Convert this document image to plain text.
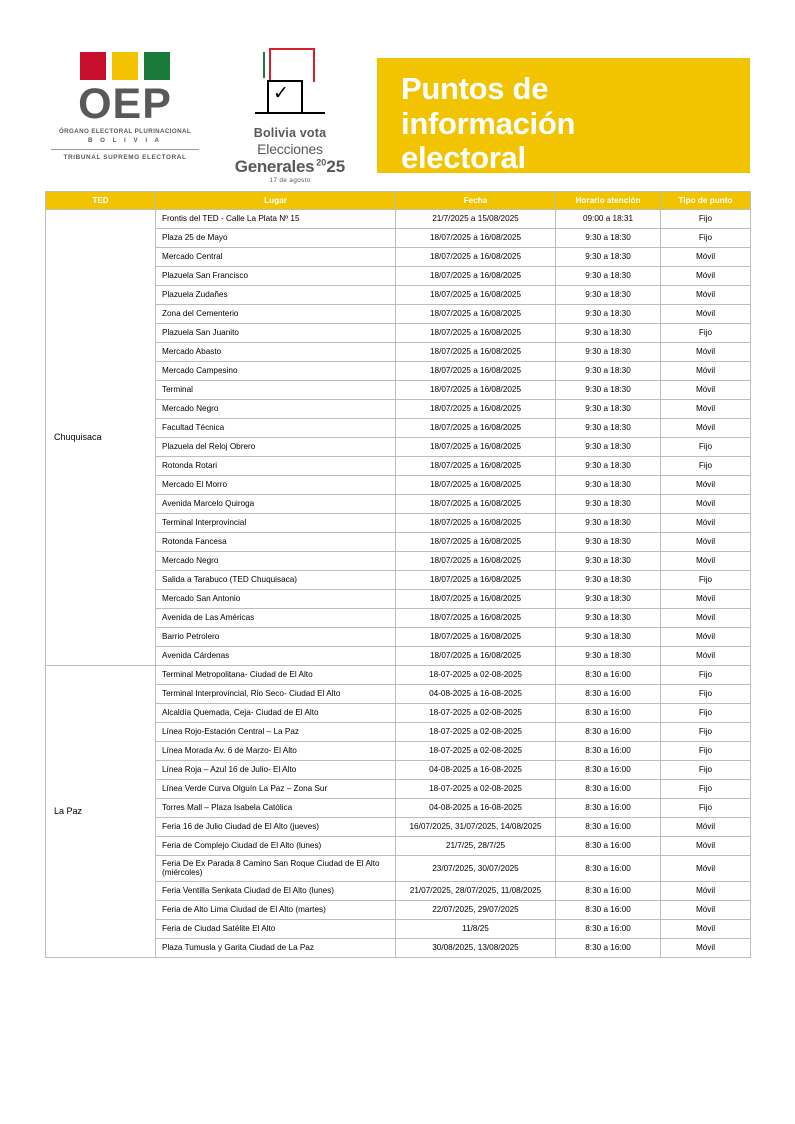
OEP
ÓRGANO ELECTORAL PLURINACIONAL
B O L I V I A
TRIBUNAL SUPREMO ELECTORAL
✓
Bolivia vota
Elecciones
Generales $^{20}$25
17 de agosto
Puntos de información
electoral
TED	Lugar	Fecha	Horario atención	Tipo de punto
Chuquisaca	Frontis del TED - Calle La Plata Nº 15	21/7/2025 a 15/08/2025	09:00 a 18:31	Fijo
	Plaza 25 de Mayo	18/07/2025 a 16/08/2025	9:30 a 18:30	Fijo
	Mercado Central	18/07/2025 a 16/08/2025	9:30 a 18:30	Móvil
	Plazuela San Francisco	18/07/2025 a 16/08/2025	9:30 a 18:30	Móvil
	Plazuela Zudañes	18/07/2025 a 16/08/2025	9:30 a 18:30	Móvil
	Zona del Cementerio	18/07/2025 a 16/08/2025	9:30 a 18:30	Móvil
	Plazuela San Juanito	18/07/2025 a 16/08/2025	9:30 a 18:30	Fijo
	Mercado Abasto	18/07/2025 a 16/08/2025	9:30 a 18:30	Móvil
	Mercado Campesino	18/07/2025 a 16/08/2025	9:30 a 18:30	Móvil
	Terminal	18/07/2025 a 16/08/2025	9:30 a 18:30	Móvil
	Mercado Negro	18/07/2025 a 16/08/2025	9:30 a 18:30	Móvil
	Facultad Técnica	18/07/2025 a 16/08/2025	9:30 a 18:30	Móvil
	Plazuela del Reloj Obrero	18/07/2025 a 16/08/2025	9:30 a 18:30	Fijo
	Rotonda Rotari	18/07/2025 a 16/08/2025	9:30 a 18:30	Fijo
	Mercado El Morro	18/07/2025 a 16/08/2025	9:30 a 18:30	Móvil
	Avenida Marcelo Quiroga	18/07/2025 a 16/08/2025	9:30 a 18:30	Móvil
	Terminal Interprovincial	18/07/2025 a 16/08/2025	9:30 a 18:30	Móvil
	Rotonda Fancesa	18/07/2025 a 16/08/2025	9:30 a 18:30	Móvil
	Mercado Negro	18/07/2025 a 16/08/2025	9:30 a 18:30	Móvil
	Salida a Tarabuco (TED Chuquisaca)	18/07/2025 a 16/08/2025	9:30 a 18:30	Fijo
	Mercado San Antonio	18/07/2025 a 16/08/2025	9:30 a 18:30	Móvil
	Avenida de Las Américas	18/07/2025 a 16/08/2025	9:30 a 18:30	Móvil
	Barrio Petrolero	18/07/2025 a 16/08/2025	9:30 a 18:30	Móvil
	Avenida Cárdenas	18/07/2025 a 16/08/2025	9:30 a 18:30	Móvil
La Paz	Terminal Metropolitana- Ciudad de El Alto	18-07-2025 a 02-08-2025	8:30 a 16:00	Fijo
	Terminal Interprovincial, Rio Seco- Ciudad El Alto	04-08-2025 a 16-08-2025	8:30 a 16:00	Fijo
	Alcaldía Quemada, Ceja- Ciudad de El Alto	18-07-2025 a 02-08-2025	8:30 a 16:00	Fijo
	Línea Rojo-Estación Central – La Paz	18-07-2025 a 02-08-2025	8:30 a 16:00	Fijo
	Línea Morada Av. 6 de Marzo- El Alto	18-07-2025 a 02-08-2025	8:30 a 16:00	Fijo
	Línea Roja – Azul 16 de Julio- El Alto	04-08-2025 a 16-08-2025	8:30 a 16:00	Fijo
	Línea Verde Curva Olguín La Paz – Zona Sur	18-07-2025 a 02-08-2025	8:30 a 16:00	Fijo
	Torres Mall – Plaza Isabela Católica	04-08-2025 a 16-08-2025	8:30 a 16:00	Fijo
	Feria 16 de Julio Ciudad de El Alto (jueves)	16/07/2025, 31/07/2025, 14/08/2025	8:30 a 16:00	Móvil
	Feria de Complejo Ciudad de El Alto (lunes)	21/7/25, 28/7/25	8:30 a 16:00	Móvil
	Feria De Ex Parada 8 Camino San Roque Ciudad de El Alto (miércoles)	23/07/2025, 30/07/2025	8:30 a 16:00	Móvil
	Feria Ventilla Senkata Ciudad de El Alto (lunes)	21/07/2025, 28/07/2025, 11/08/2025	8:30 a 16:00	Móvil
	Feria de Alto Lima Ciudad de El Alto (martes)	22/07/2025, 29/07/2025	8:30 a 16:00	Móvil
	Feria de Ciudad Satélite El Alto	11/8/25	8:30 a 16:00	Móvil
	Plaza Tumusla y Garita Ciudad de La Paz	30/08/2025, 13/08/2025	8:30 a 16:00	Móvil
